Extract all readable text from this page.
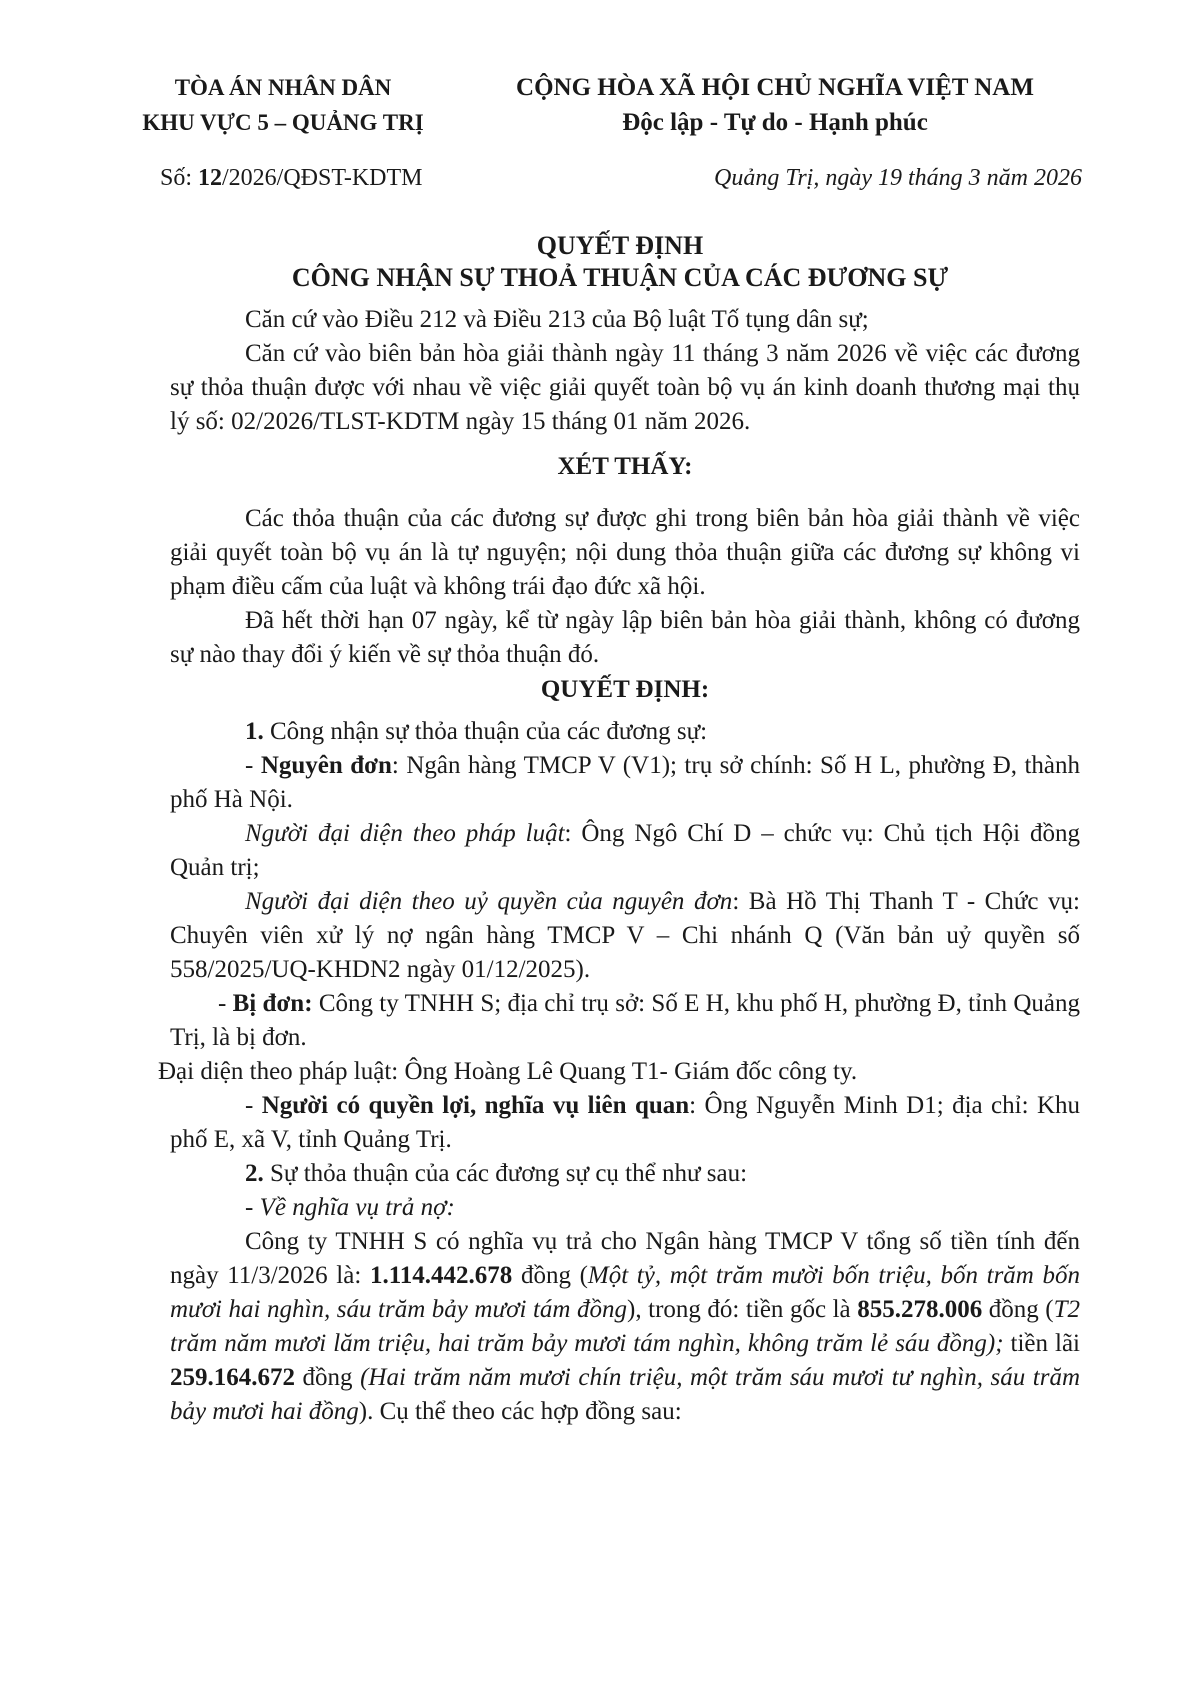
TÒA ÁN NHÂN DÂN
KHU VỰC 5 – QUẢNG TRỊ
CỘNG HÒA XÃ HỘI CHỦ NGHĨA VIỆT NAM
Độc lập - Tự do - Hạnh phúc
Số: 12/2026/QĐST-KDTM	Quảng Trị, ngày 19 tháng 3 năm 2026
QUYẾT ĐỊNH
CÔNG NHẬN SỰ THOẢ THUẬN CỦA CÁC ĐƯƠNG SỰ

Căn cứ vào Điều 212 và Điều 213 của Bộ luật Tố tụng dân sự;

Căn cứ vào biên bản hòa giải thành ngày 11 tháng 3 năm 2026 về việc các đương sự thỏa thuận được với nhau về việc giải quyết toàn bộ vụ án kinh doanh thương mại thụ lý số: 02/2026/TLST-KDTM ngày 15 tháng 01 năm 2026.

XÉT THẤY:

Các thỏa thuận của các đương sự được ghi trong biên bản hòa giải thành về việc giải quyết toàn bộ vụ án là tự nguyện; nội dung thỏa thuận giữa các đương sự không vi phạm điều cấm của luật và không trái đạo đức xã hội.

Đã hết thời hạn 07 ngày, kể từ ngày lập biên bản hòa giải thành, không có đương sự nào thay đổi ý kiến về sự thỏa thuận đó.

QUYẾT ĐỊNH:

1. Công nhận sự thỏa thuận của các đương sự:

- Nguyên đơn: Ngân hàng TMCP V (V1); trụ sở chính: Số H L, phường Đ, thành phố Hà Nội.

Người đại diện theo pháp luật: Ông Ngô Chí D – chức vụ: Chủ tịch Hội đồng Quản trị;

Người đại diện theo uỷ quyền của nguyên đơn: Bà Hồ Thị Thanh T - Chức vụ: Chuyên viên xử lý nợ ngân hàng TMCP V – Chi nhánh Q (Văn bản uỷ quyền số 558/2025/UQ-KHDN2 ngày 01/12/2025).

- Bị đơn: Công ty TNHH S; địa chỉ trụ sở: Số E H, khu phố H, phường Đ, tỉnh Quảng Trị, là bị đơn.

Đại diện theo pháp luật: Ông Hoàng Lê Quang T1- Giám đốc công ty.

- Người có quyền lợi, nghĩa vụ liên quan: Ông Nguyễn Minh D1; địa chỉ: Khu phố E, xã V, tỉnh Quảng Trị.

2. Sự thỏa thuận của các đương sự cụ thể như sau:

- Về nghĩa vụ trả nợ:

Công ty TNHH S có nghĩa vụ trả cho Ngân hàng TMCP V tổng số tiền tính đến ngày 11/3/2026 là: 1.114.442.678 đồng (Một tỷ, một trăm mười bốn triệu, bốn trăm bốn mươi hai nghìn, sáu trăm bảy mươi tám đồng), trong đó: tiền gốc là 855.278.006 đồng (T2 trăm năm mươi lăm triệu, hai trăm bảy mươi tám nghìn, không trăm lẻ sáu đồng); tiền lãi 259.164.672 đồng (Hai trăm năm mươi chín triệu, một trăm sáu mươi tư nghìn, sáu trăm bảy mươi hai đồng). Cụ thể theo các hợp đồng sau:
